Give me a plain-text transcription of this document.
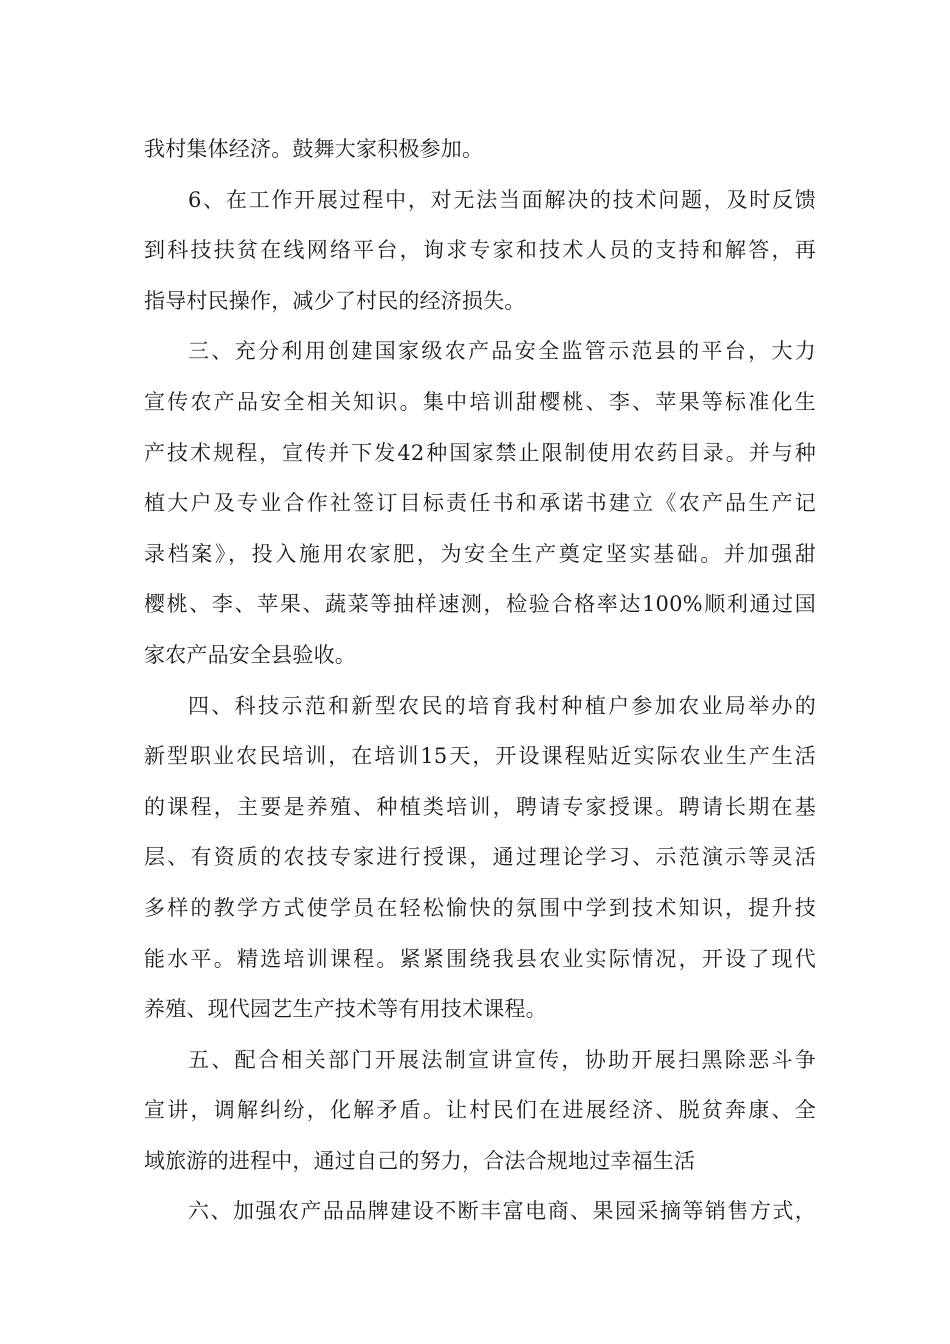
我村集体经济。鼓舞大家积极参加。
6、在工作开展过程中，对无法当面解决的技术问题，及时反馈
到科技扶贫在线网络平台，询求专家和技术人员的支持和解答，再
指导村民操作，减少了村民的经济损失。
三、充分利用创建国家级农产品安全监管示范县的平台，大力
宣传农产品安全相关知识。集中培训甜樱桃、李、苹果等标准化生
产技术规程，宣传并下发42种国家禁止限制使用农药目录。并与种
植大户及专业合作社签订目标责任书和承诺书建立《农产品生产记
录档案》，投入施用农家肥，为安全生产奠定坚实基础。并加强甜
樱桃、李、苹果、蔬菜等抽样速测，检验合格率达100%顺利通过国
家农产品安全县验收。
四、科技示范和新型农民的培育我村种植户参加农业局举办的
新型职业农民培训，在培训15天，开设课程贴近实际农业生产生活
的课程，主要是养殖、种植类培训，聘请专家授课。聘请长期在基
层、有资质的农技专家进行授课，通过理论学习、示范演示等灵活
多样的教学方式使学员在轻松愉快的氛围中学到技术知识，提升技
能水平。精选培训课程。紧紧围绕我县农业实际情况，开设了现代
养殖、现代园艺生产技术等有用技术课程。
五、配合相关部门开展法制宣讲宣传，协助开展扫黑除恶斗争
宣讲，调解纠纷，化解矛盾。让村民们在进展经济、脱贫奔康、全
域旅游的进程中，通过自己的努力，合法合规地过幸福生活
六、加强农产品品牌建设不断丰富电商、果园采摘等销售方式，
